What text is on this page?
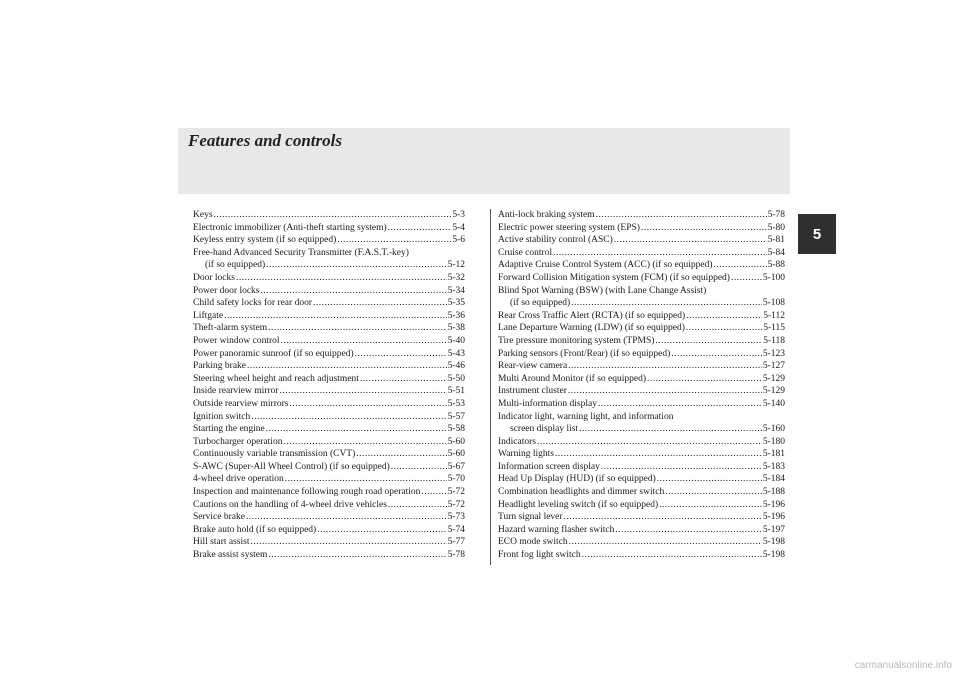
Features and controls
5
Keys .....	5-3
Electronic immobilizer (Anti-theft starting system) .....	5-4
Keyless entry system (if so equipped) .....	5-6
Free-hand Advanced Security Transmitter (F.A.S.T.-key)
(if so equipped) .....	5-12
Door locks .....	5-32
Power door locks .....	5-34
Child safety locks for rear door .....	5-35
Liftgate .....	5-36
Theft-alarm system .....	5-38
Power window control .....	5-40
Power panoramic sunroof (if so equipped) .....	5-43
Parking brake .....	5-46
Steering wheel height and reach adjustment .....	5-50
Inside rearview mirror .....	5-51
Outside rearview mirrors .....	5-53
Ignition switch .....	5-57
Starting the engine .....	5-58
Turbocharger operation .....	5-60
Continuously variable transmission (CVT) .....	5-60
S-AWC (Super-All Wheel Control) (if so equipped) .....	5-67
4-wheel drive operation .....	5-70
Inspection and maintenance following rough road operation .....	5-72
Cautions on the handling of 4-wheel drive vehicles .....	5-72
Service brake .....	5-73
Brake auto hold (if so equipped) .....	5-74
Hill start assist .....	5-77
Brake assist system .....	5-78
Anti-lock braking system .....	5-78
Electric power steering system (EPS) .....	5-80
Active stability control (ASC) .....	5-81
Cruise control .....	5-84
Adaptive Cruise Control System (ACC) (if so equipped) .....	5-88
Forward Collision Mitigation system (FCM) (if so equipped) .....	5-100
Blind Spot Warning (BSW) (with Lane Change Assist)
(if so equipped) .....	5-108
Rear Cross Traffic Alert (RCTA) (if so equipped) .....	5-112
Lane Departure Warning (LDW) (if so equipped) .....	5-115
Tire pressure monitoring system (TPMS) .....	5-118
Parking sensors (Front/Rear) (if so equipped) .....	5-123
Rear-view camera .....	5-127
Multi Around Monitor (if so equipped) .....	5-129
Instrument cluster .....	5-129
Multi-information display .....	5-140
Indicator light, warning light, and information
screen display list .....	5-160
Indicators .....	5-180
Warning lights .....	5-181
Information screen display .....	5-183
Head Up Display (HUD) (if so equipped) .....	5-184
Combination headlights and dimmer switch .....	5-188
Headlight leveling switch (if so equipped) .....	5-196
Turn signal lever .....	5-196
Hazard warning flasher switch .....	5-197
ECO mode switch .....	5-198
Front fog light switch .....	5-198
carmanualsonline.info
